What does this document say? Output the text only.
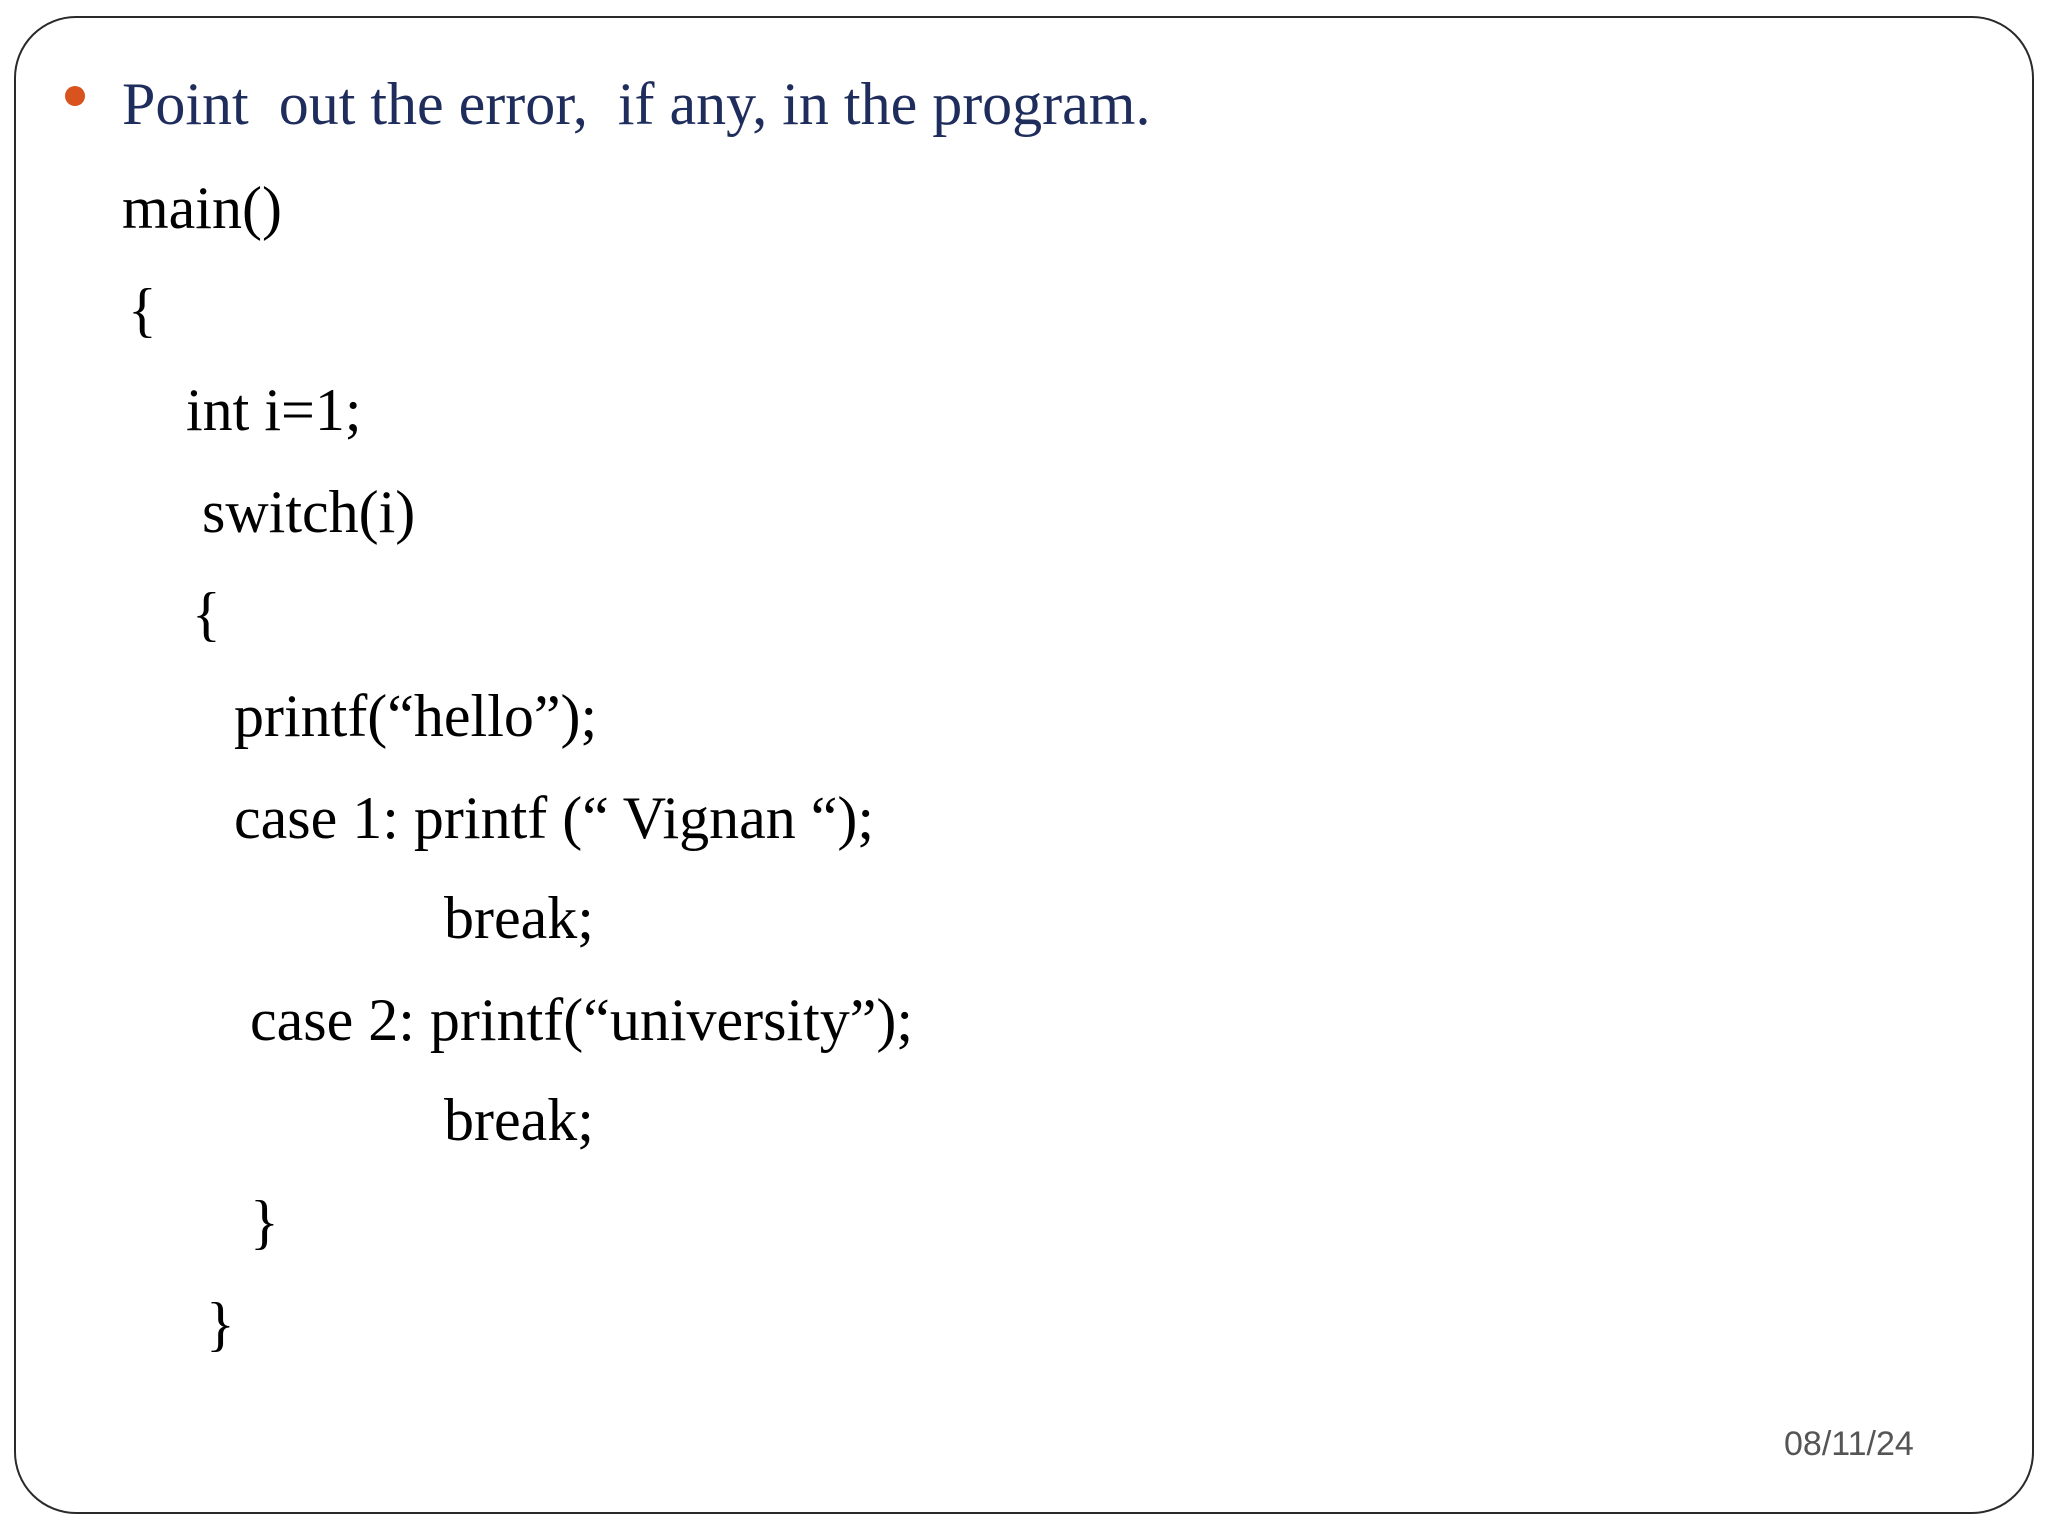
Point  out the error,  if any, in the program.
main()
{
int i=1;
switch(i)
{
printf(“hello”);
case 1: printf (“ Vignan “);
break;
case 2: printf(“university”);
break;
}
}
08/11/24
